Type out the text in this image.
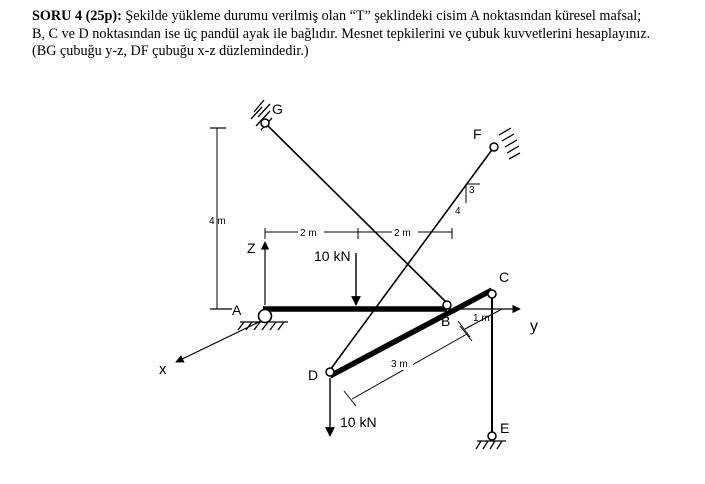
SORU 4 (25p): Şekilde yükleme durumu verilmiş olan “T” şeklindeki cisim A noktasından küresel mafsal;
B, C ve D noktasından ise üç pandül ayak ile bağlıdır. Mesnet tepkilerini ve çubuk kuvvetlerini hesaplayınız.
(BG çubuğu y-z, DF çubuğu x-z düzlemindedir.)
G
F
A
B
C
D
E
x
y
Z
4 m
2 m	2 m
3 m
1 m
3
4
10 kN
10 kN
